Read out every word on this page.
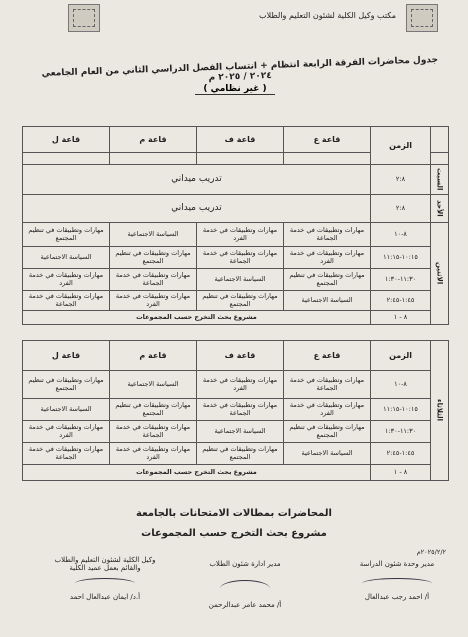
مكتب وكيل الكلية لشئون التعليم والطلاب
جدول محاضرات الفرقة الرابعة انتظام + انتساب الفصل الدراسي الثاني من العام الجامعي ٢٠٢٤ / ٢٠٢٥ م
( غير نظامي )
	الزمن	قاعة ع	قاعة ف	قاعة م	قاعة ل

السبت	٢:٨	تدريب ميداني			
الأحد	٢:٨	تدريب ميداني			
الاثنين	٨-١٠	مهارات وتطبيقات في خدمة الجماعة	مهارات وتطبيقات في خدمة الفرد	السياسة الاجتماعية	مهارات وتطبيقات في تنظيم المجتمع
	١٠:١٥-١١:١٥	مهارات وتطبيقات في خدمة الفرد	مهارات وتطبيقات في خدمة الجماعة	مهارات وتطبيقات في تنظيم المجتمع	السياسة الاجتماعية
	١١:٣٠-١:٣٠	مهارات وتطبيقات في تنظيم المجتمع	السياسة الاجتماعية	مهارات وتطبيقات في خدمة الجماعة	مهارات وتطبيقات في خدمة الفرد
	١:٤٥-٢:٤٥	السياسة الاجتماعية	مهارات وتطبيقات في تنظيم المجتمع	مهارات وتطبيقات في خدمة الفرد	مهارات وتطبيقات في خدمة الجماعة
	٨ - ١	مشروع بحث التخرج حسب المجموعات			
الثلاثاء	الزمن	قاعة ع	قاعة ف	قاعة م	قاعة ل
	٨-١٠	مهارات وتطبيقات في خدمة الجماعة	مهارات وتطبيقات في خدمة الفرد	السياسة الاجتماعية	مهارات وتطبيقات في تنظيم المجتمع
	١٠:١٥-١١:١٥	مهارات وتطبيقات في خدمة الفرد	مهارات وتطبيقات في خدمة الجماعة	مهارات وتطبيقات في تنظيم المجتمع	السياسة الاجتماعية
	١١:٣٠-١:٣٠	مهارات وتطبيقات في تنظيم المجتمع	السياسة الاجتماعية	مهارات وتطبيقات في خدمة الجماعة	مهارات وتطبيقات في خدمة الفرد
	١:٤٥-٢:٤٥	السياسة الاجتماعية	مهارات وتطبيقات في تنظيم المجتمع	مهارات وتطبيقات في خدمة الفرد	مهارات وتطبيقات في خدمة الجماعة
	٨ - ١	مشروع بحث التخرج حسب المجموعات			
المحاضرات بمطالات الامتحانات بالجامعة
مشروع بحث التخرج حسب المجموعات
٢٠٢٥/٢/٢م
مدير وحدة شئون الدراسة
أ/ احمد رجب عبدالعال
مدير ادارة شئون الطلاب
أ/ محمد عامر عبدالرحمن
وكيل الكلية لشئون التعليم والطلاب
والقائم بعمل عميد الكلية
أ.د/ ايمان عبدالعال احمد
